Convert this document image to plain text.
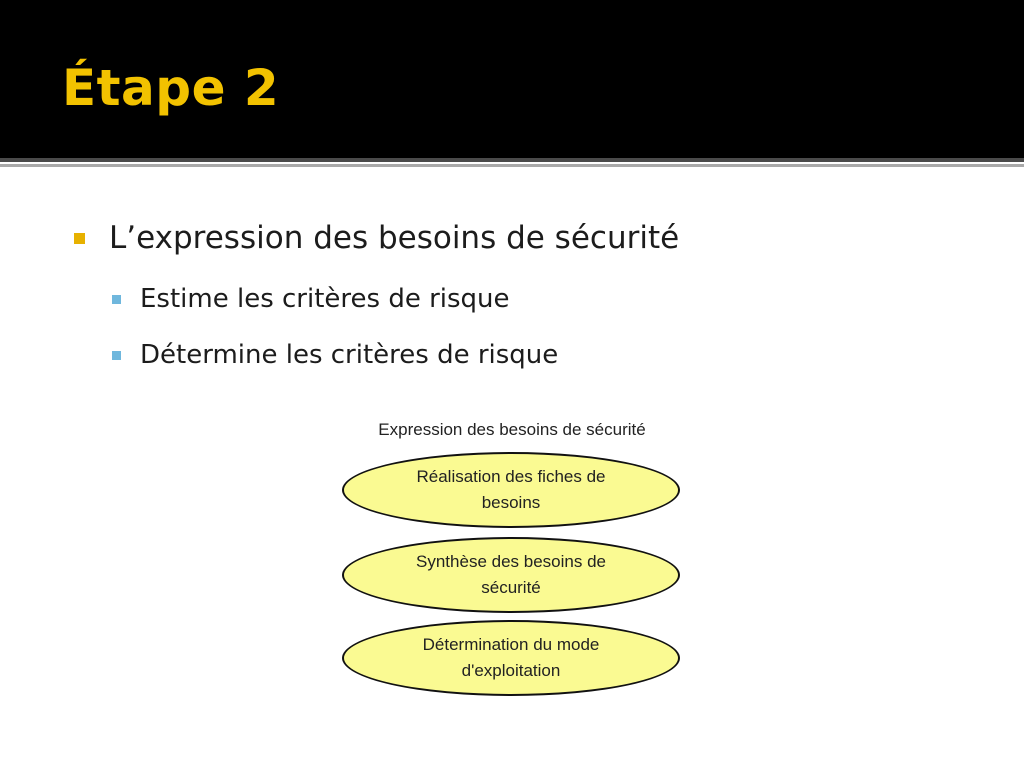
Étape 2
L’expression des besoins de sécurité
Estime les critères de risque
Détermine les critères de risque
Expression des besoins de sécurité
Réalisation des fiches de besoins
Synthèse des besoins de sécurité
Détermination du mode d'exploitation
